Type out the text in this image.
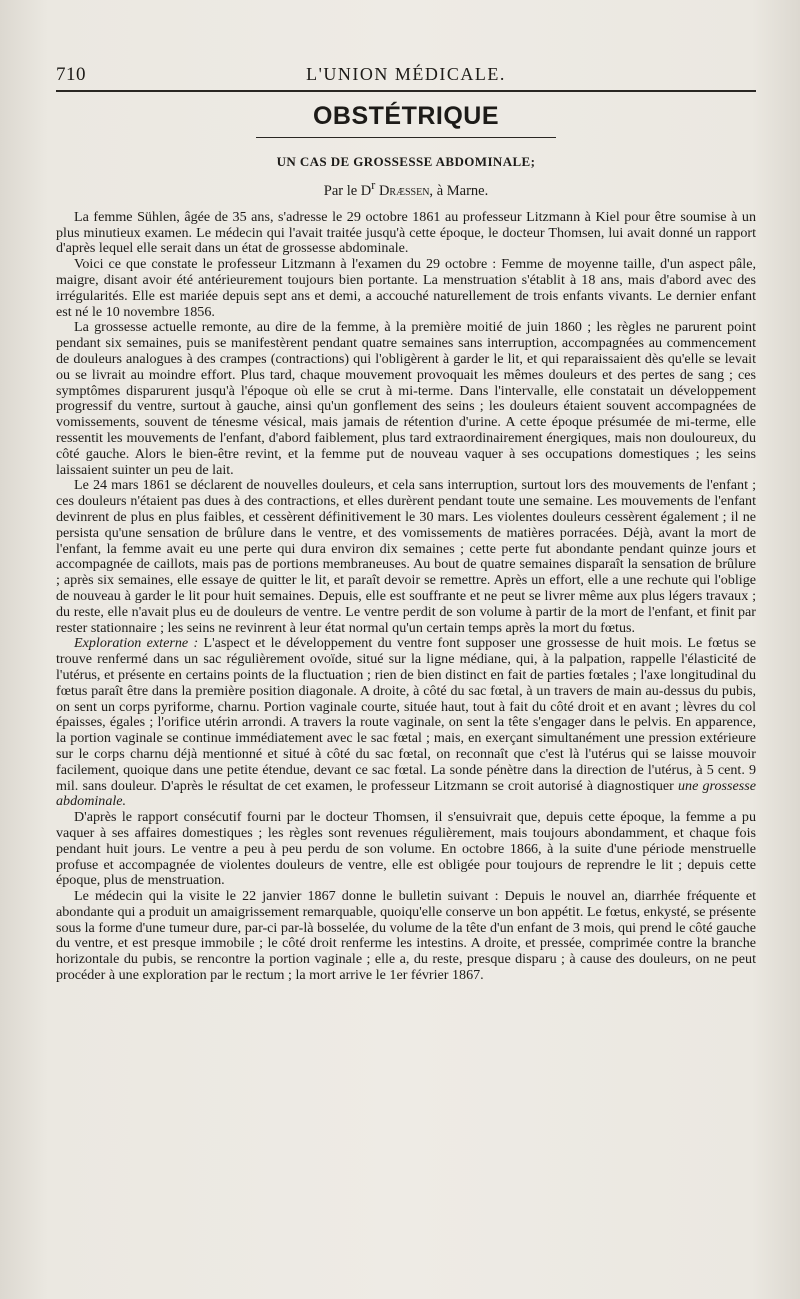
710	L'UNION MÉDICALE.
OBSTÉTRIQUE
UN CAS DE GROSSESSE ABDOMINALE;
Par le $D^r$ Dræssen, à Marne.

La femme Sühlen, âgée de 35 ans, s'adresse le 29 octobre 1861 au professeur Litzmann à Kiel pour être soumise à un plus minutieux examen. Le médecin qui l'avait traitée jusqu'à cette époque, le docteur Thomsen, lui avait donné un rapport d'après lequel elle serait dans un état de grossesse abdominale.

Voici ce que constate le professeur Litzmann à l'examen du 29 octobre : Femme de moyenne taille, d'un aspect pâle, maigre, disant avoir été antérieurement toujours bien portante. La menstruation s'établit à 18 ans, mais d'abord avec des irrégularités. Elle est mariée depuis sept ans et demi, a accouché naturellement de trois enfants vivants. Le dernier enfant est né le 10 novembre 1856.

La grossesse actuelle remonte, au dire de la femme, à la première moitié de juin 1860 ; les règles ne parurent point pendant six semaines, puis se manifestèrent pendant quatre semaines sans interruption, accompagnées au commencement de douleurs analogues à des crampes (contractions) qui l'obligèrent à garder le lit, et qui reparaissaient dès qu'elle se levait ou se livrait au moindre effort. Plus tard, chaque mouvement provoquait les mêmes douleurs et des pertes de sang ; ces symptômes disparurent jusqu'à l'époque où elle se crut à mi-terme. Dans l'intervalle, elle constatait un développement progressif du ventre, surtout à gauche, ainsi qu'un gonflement des seins ; les douleurs étaient souvent accompagnées de vomissements, souvent de ténesme vésical, mais jamais de rétention d'urine. A cette époque présumée de mi-terme, elle ressentit les mouvements de l'enfant, d'abord faiblement, plus tard extraordinairement énergiques, mais non douloureux, du côté gauche. Alors le bien-être revint, et la femme put de nouveau vaquer à ses occupations domestiques ; les seins laissaient suinter un peu de lait.

Le 24 mars 1861 se déclarent de nouvelles douleurs, et cela sans interruption, surtout lors des mouvements de l'enfant ; ces douleurs n'étaient pas dues à des contractions, et elles durèrent pendant toute une semaine. Les mouvements de l'enfant devinrent de plus en plus faibles, et cessèrent définitivement le 30 mars. Les violentes douleurs cessèrent également ; il ne persista qu'une sensation de brûlure dans le ventre, et des vomissements de matières porracées. Déjà, avant la mort de l'enfant, la femme avait eu une perte qui dura environ dix semaines ; cette perte fut abondante pendant quinze jours et accompagnée de caillots, mais pas de portions membraneuses. Au bout de quatre semaines disparaît la sensation de brûlure ; après six semaines, elle essaye de quitter le lit, et paraît devoir se remettre. Après un effort, elle a une rechute qui l'oblige de nouveau à garder le lit pour huit semaines. Depuis, elle est souffrante et ne peut se livrer même aux plus légers travaux ; du reste, elle n'avait plus eu de douleurs de ventre. Le ventre perdit de son volume à partir de la mort de l'enfant, et finit par rester stationnaire ; les seins ne revinrent à leur état normal qu'un certain temps après la mort du fœtus.

Exploration externe : L'aspect et le développement du ventre font supposer une grossesse de huit mois. Le fœtus se trouve renfermé dans un sac régulièrement ovoïde, situé sur la ligne médiane, qui, à la palpation, rappelle l'élasticité de l'utérus, et présente en certains points de la fluctuation ; rien de bien distinct en fait de parties fœtales ; l'axe longitudinal du fœtus paraît être dans la première position diagonale. A droite, à côté du sac fœtal, à un travers de main au-dessus du pubis, on sent un corps pyriforme, charnu. Portion vaginale courte, située haut, tout à fait du côté droit et en avant ; lèvres du col épaisses, égales ; l'orifice utérin arrondi. A travers la route vaginale, on sent la tête s'engager dans le pelvis. En apparence, la portion vaginale se continue immédiatement avec le sac fœtal ; mais, en exerçant simultanément une pression extérieure sur le corps charnu déjà mentionné et situé à côté du sac fœtal, on reconnaît que c'est là l'utérus qui se laisse mouvoir facilement, quoique dans une petite étendue, devant ce sac fœtal. La sonde pénètre dans la direction de l'utérus, à 5 cent. 9 mil. sans douleur. D'après le résultat de cet examen, le professeur Litzmann se croit autorisé à diagnostiquer une grossesse abdominale.

D'après le rapport consécutif fourni par le docteur Thomsen, il s'ensuivrait que, depuis cette époque, la femme a pu vaquer à ses affaires domestiques ; les règles sont revenues régulièrement, mais toujours abondamment, et chaque fois pendant huit jours. Le ventre a peu à peu perdu de son volume. En octobre 1866, à la suite d'une période menstruelle profuse et accompagnée de violentes douleurs de ventre, elle est obligée pour toujours de reprendre le lit ; depuis cette époque, plus de menstruation.

Le médecin qui la visite le 22 janvier 1867 donne le bulletin suivant : Depuis le nouvel an, diarrhée fréquente et abondante qui a produit un amaigrissement remarquable, quoiqu'elle conserve un bon appétit. Le fœtus, enkysté, se présente sous la forme d'une tumeur dure, par-ci par-là bosselée, du volume de la tête d'un enfant de 3 mois, qui prend le côté gauche du ventre, et est presque immobile ; le côté droit renferme les intestins. A droite, et pressée, comprimée contre la branche horizontale du pubis, se rencontre la portion vaginale ; elle a, du reste, presque disparu ; à cause des douleurs, on ne peut procéder à une exploration par le rectum ; la mort arrive le 1er février 1867.
